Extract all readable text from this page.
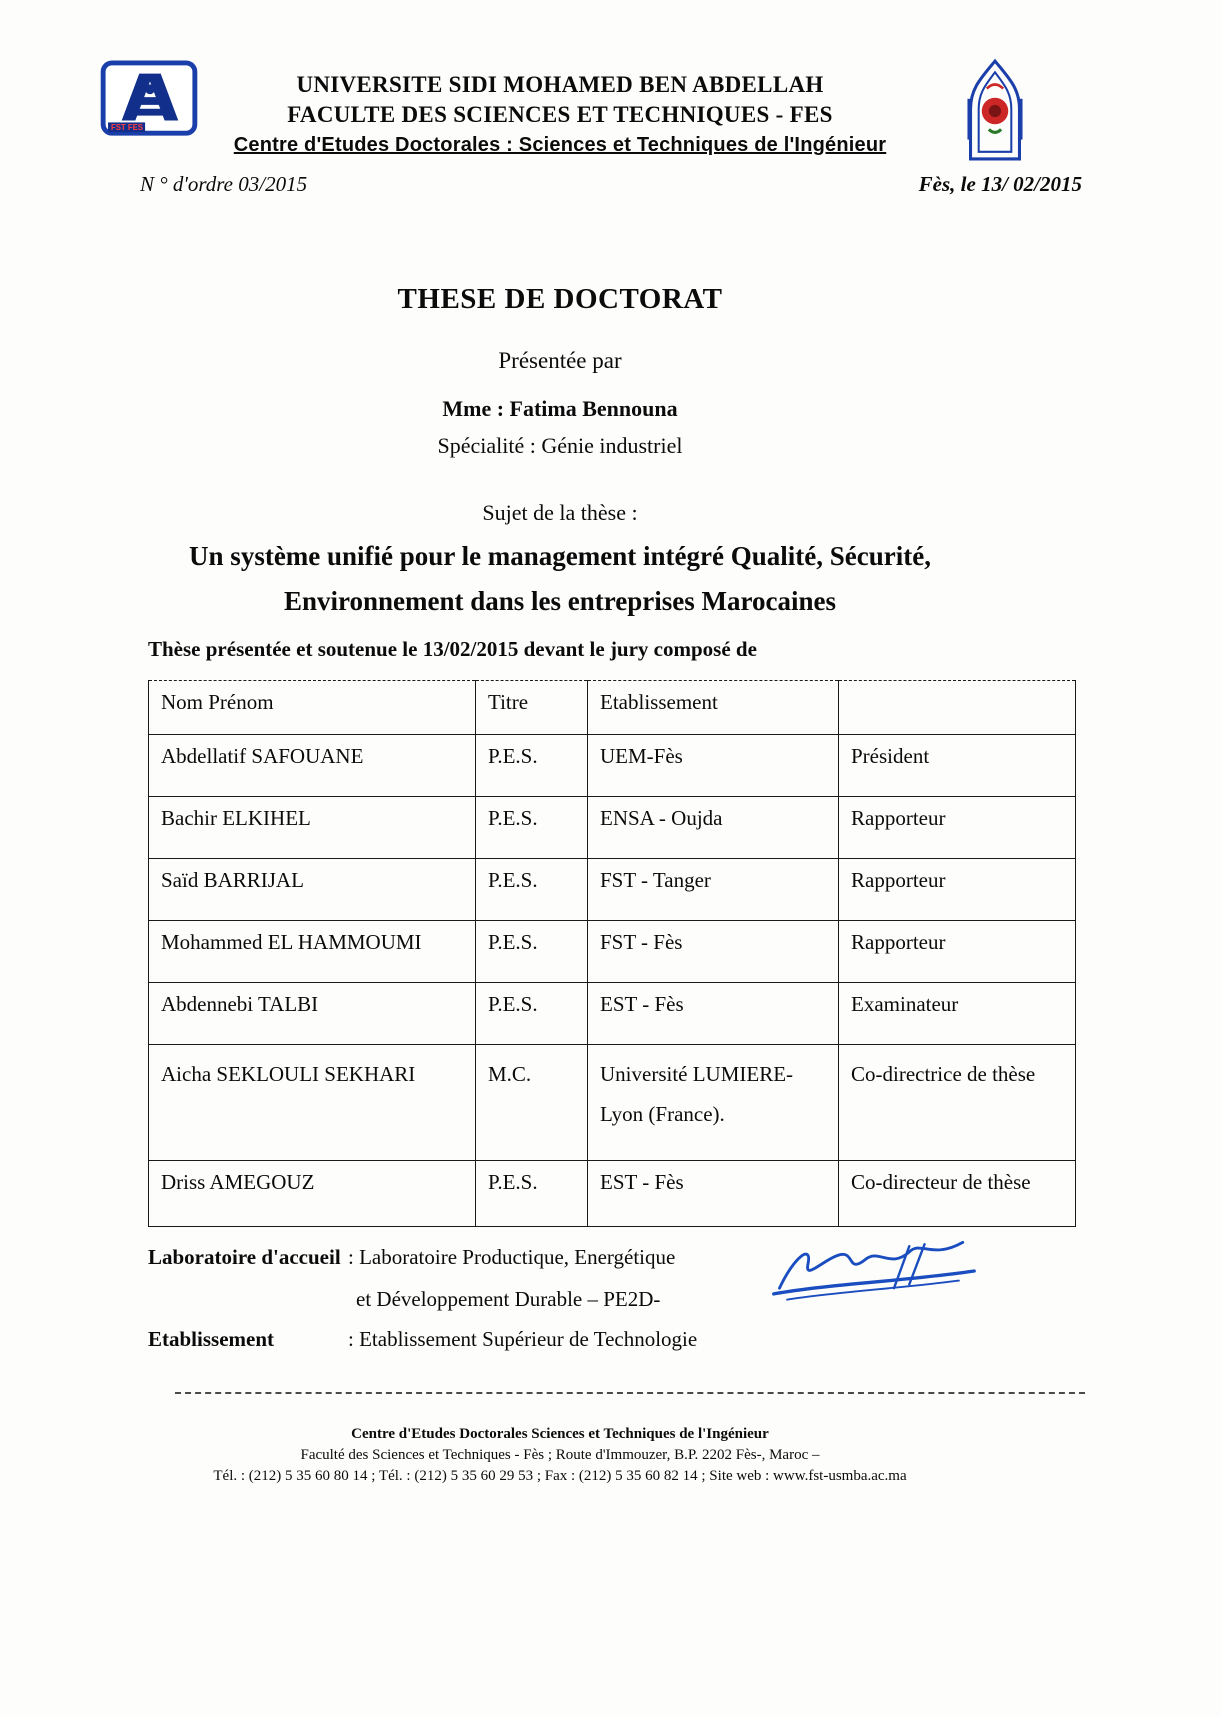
FST FES
UNIVERSITE SIDI MOHAMED BEN ABDELLAH
FACULTE DES SCIENCES ET TECHNIQUES - FES
Centre d'Etudes Doctorales : Sciences et Techniques de l'Ingénieur
N ° d'ordre 03/2015	Fès, le 13/ 02/2015
THESE DE DOCTORAT
Présentée par
Mme : Fatima Bennouna
Spécialité : Génie industriel
Sujet de la thèse :
Un système unifié pour le management intégré Qualité, Sécurité,
Environnement dans les entreprises Marocaines
Thèse présentée et soutenue le 13/02/2015 devant le jury composé de
Nom Prénom	Titre	Etablissement	
Abdellatif SAFOUANE	P.E.S.	UEM-Fès	Président
Bachir ELKIHEL	P.E.S.	ENSA - Oujda	Rapporteur
Saïd BARRIJAL	P.E.S.	FST - Tanger	Rapporteur
Mohammed EL HAMMOUMI	P.E.S.	FST - Fès	Rapporteur
Abdennebi TALBI	P.E.S.	EST - Fès	Examinateur
Aicha SEKLOULI SEKHARI	M.C.	Université LUMIERE- Lyon (France).	Co-directrice de thèse
Driss AMEGOUZ	P.E.S.	EST - Fès	Co-directeur de thèse
Laboratoire d'accueil : Laboratoire Productique, Energétique
et Développement Durable – PE2D-
Etablissement	: Etablissement Supérieur de Technologie
Centre d'Etudes Doctorales Sciences et Techniques de l'Ingénieur
Faculté des Sciences et Techniques - Fès ; Route d'Immouzer, B.P. 2202 Fès-, Maroc –
Tél. : (212) 5 35 60 80 14 ; Tél. : (212) 5 35 60 29 53 ; Fax : (212) 5 35 60 82 14 ; Site web : www.fst-usmba.ac.ma
